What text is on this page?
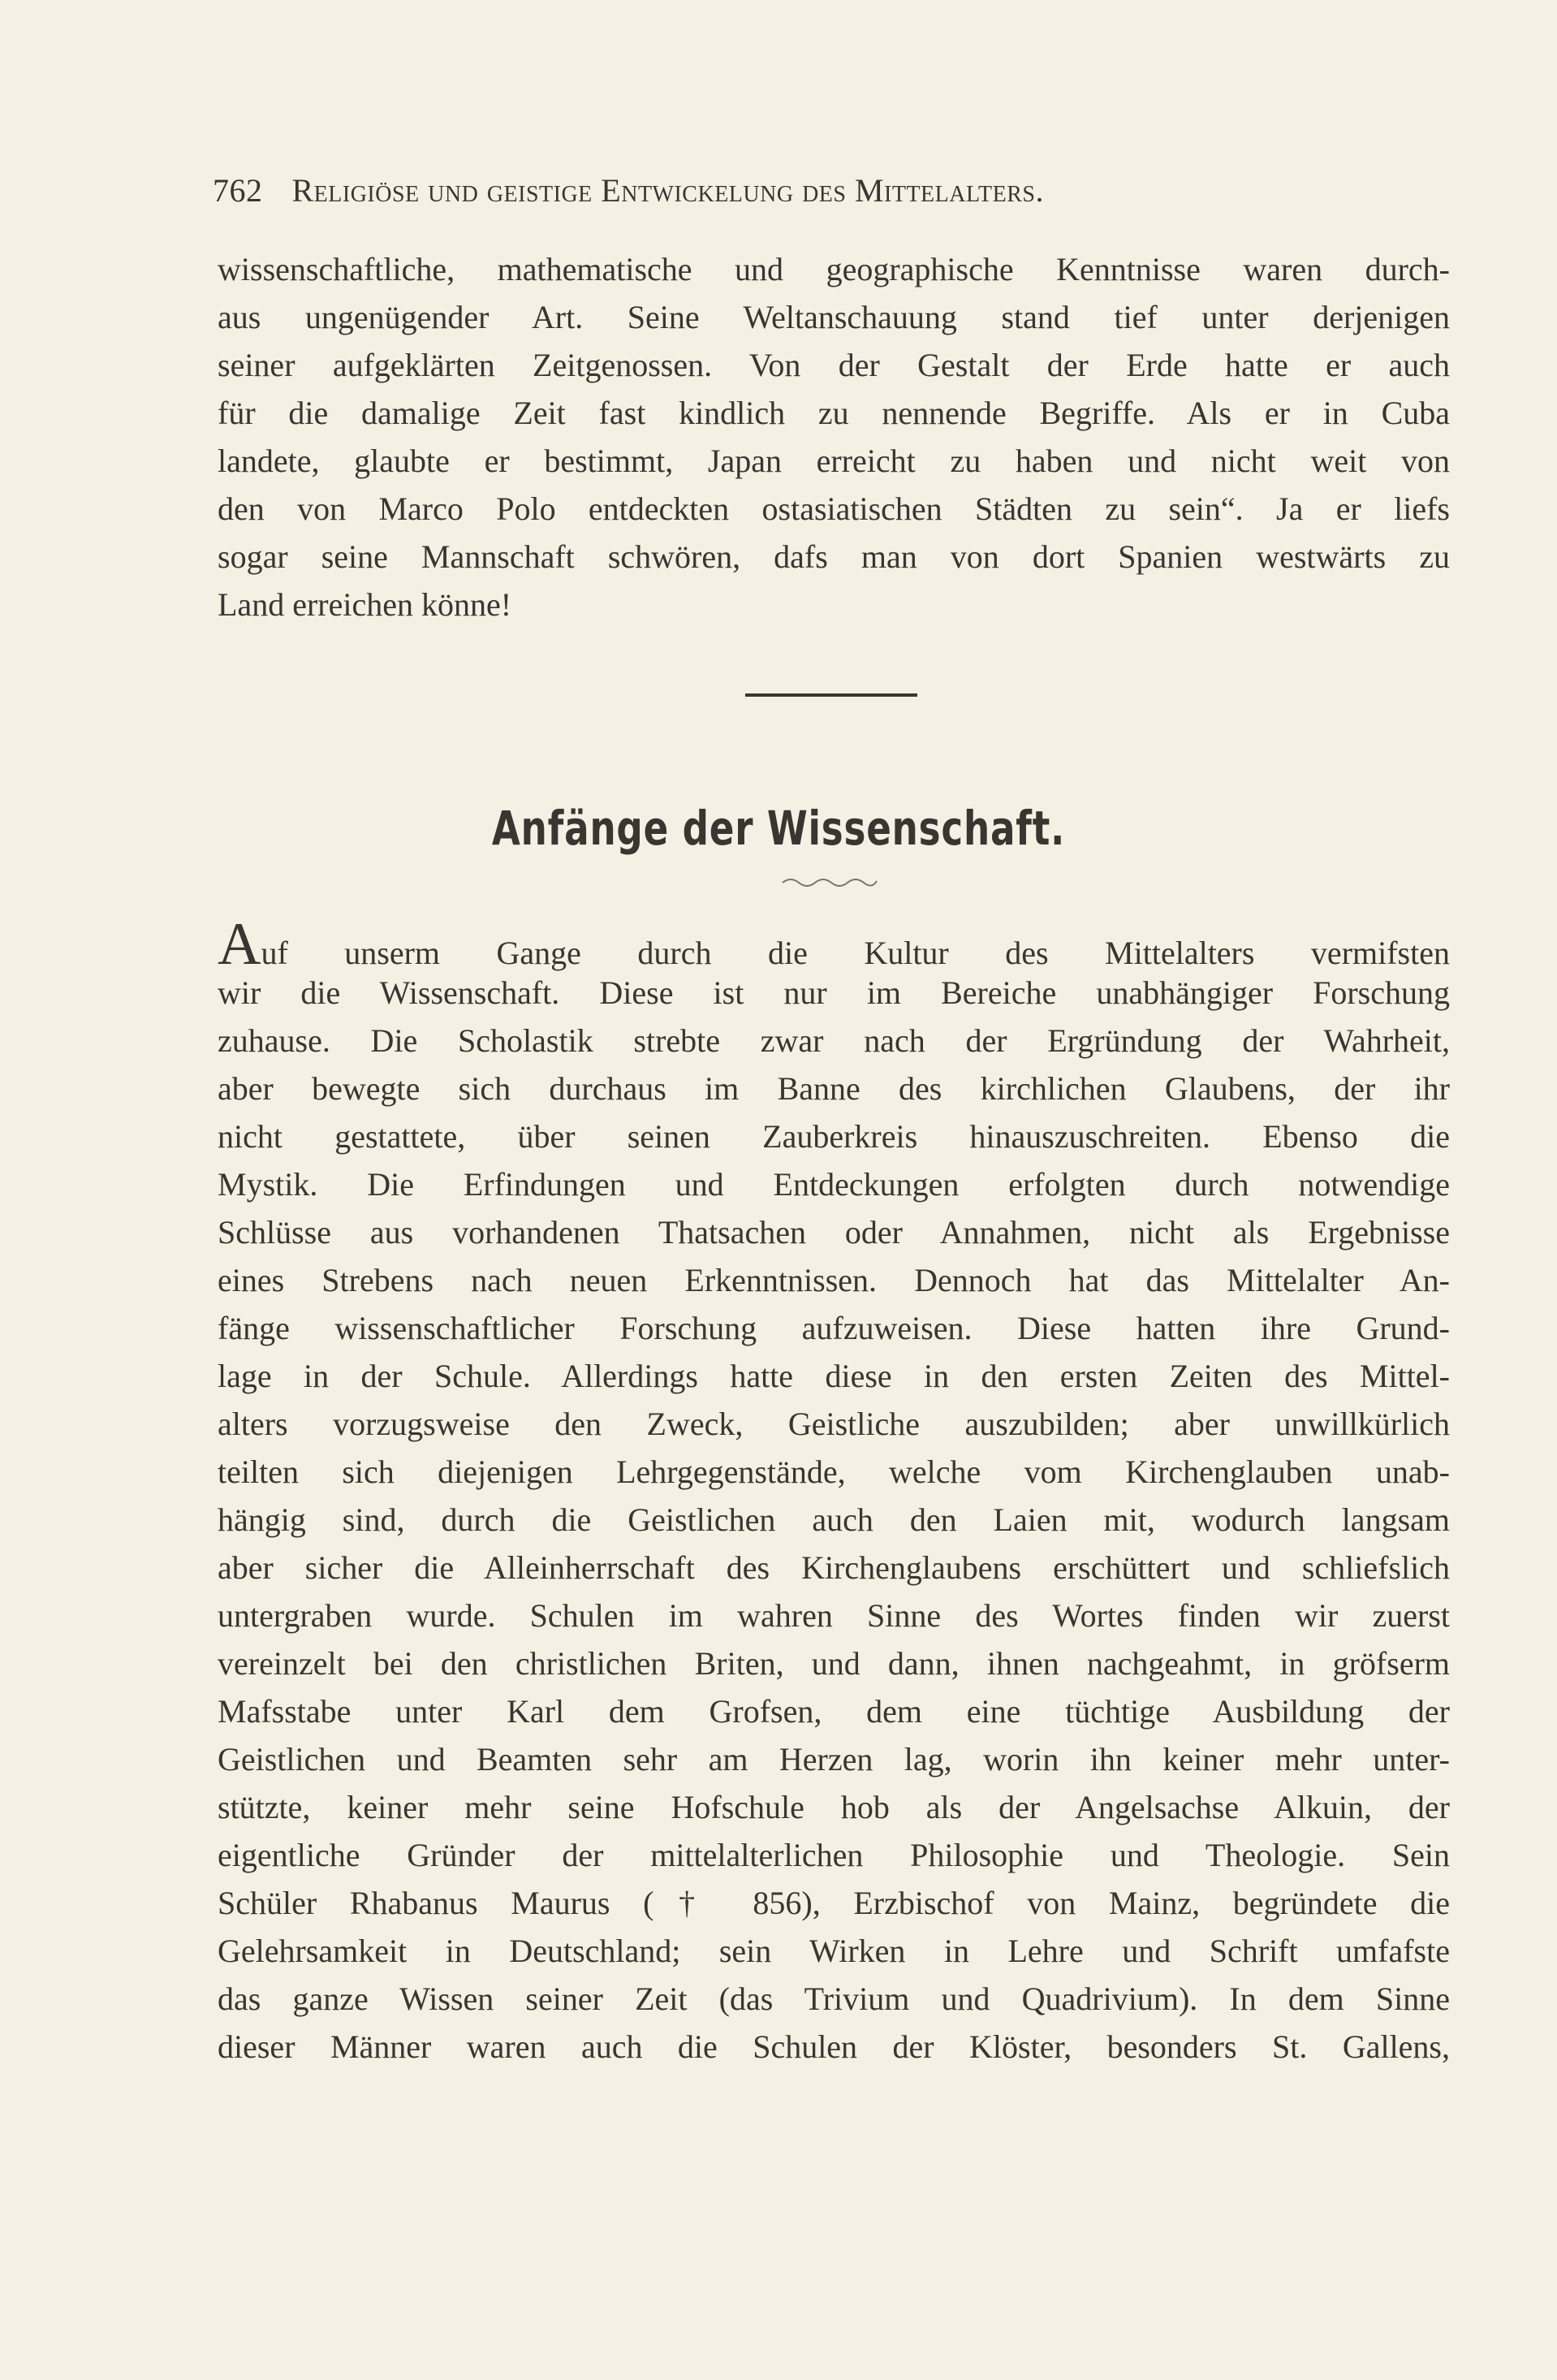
762 Religiöse und geistige Entwickelung des Mittelalters.
wissenschaftliche, mathematische und geographische Kenntnisse waren durch-
aus ungenügender Art. Seine Weltanschauung stand tief unter derjenigen
seiner aufgeklärten Zeitgenossen. Von der Gestalt der Erde hatte er auch
für die damalige Zeit fast kindlich zu nennende Begriffe. Als er in Cuba
landete, glaubte er bestimmt, Japan erreicht zu haben und nicht weit von
den von Marco Polo entdeckten ostasiatischen Städten zu sein“. Ja er liefs
sogar seine Mannschaft schwören, dafs man von dort Spanien westwärts zu
Land erreichen könne!
Anfänge der Wissenschaft.
Auf unserm Gange durch die Kultur des Mittelalters vermifsten
wir die Wissenschaft. Diese ist nur im Bereiche unabhängiger Forschung
zuhause. Die Scholastik strebte zwar nach der Ergründung der Wahrheit,
aber bewegte sich durchaus im Banne des kirchlichen Glaubens, der ihr
nicht gestattete, über seinen Zauberkreis hinauszuschreiten. Ebenso die
Mystik. Die Erfindungen und Entdeckungen erfolgten durch notwendige
Schlüsse aus vorhandenen Thatsachen oder Annahmen, nicht als Ergebnisse
eines Strebens nach neuen Erkenntnissen. Dennoch hat das Mittelalter An-
fänge wissenschaftlicher Forschung aufzuweisen. Diese hatten ihre Grund-
lage in der Schule. Allerdings hatte diese in den ersten Zeiten des Mittel-
alters vorzugsweise den Zweck, Geistliche auszubilden; aber unwillkürlich
teilten sich diejenigen Lehrgegenstände, welche vom Kirchenglauben unab-
hängig sind, durch die Geistlichen auch den Laien mit, wodurch langsam
aber sicher die Alleinherrschaft des Kirchenglaubens erschüttert und schliefslich
untergraben wurde. Schulen im wahren Sinne des Wortes finden wir zuerst
vereinzelt bei den christlichen Briten, und dann, ihnen nachgeahmt, in gröfserm
Mafsstabe unter Karl dem Grofsen, dem eine tüchtige Ausbildung der
Geistlichen und Beamten sehr am Herzen lag, worin ihn keiner mehr unter-
stützte, keiner mehr seine Hofschule hob als der Angelsachse Alkuin, der
eigentliche Gründer der mittelalterlichen Philosophie und Theologie. Sein
Schüler Rhabanus Maurus († 856), Erzbischof von Mainz, begründete die
Gelehrsamkeit in Deutschland; sein Wirken in Lehre und Schrift umfafste
das ganze Wissen seiner Zeit (das Trivium und Quadrivium). In dem Sinne
dieser Männer waren auch die Schulen der Klöster, besonders St. Gallens,
